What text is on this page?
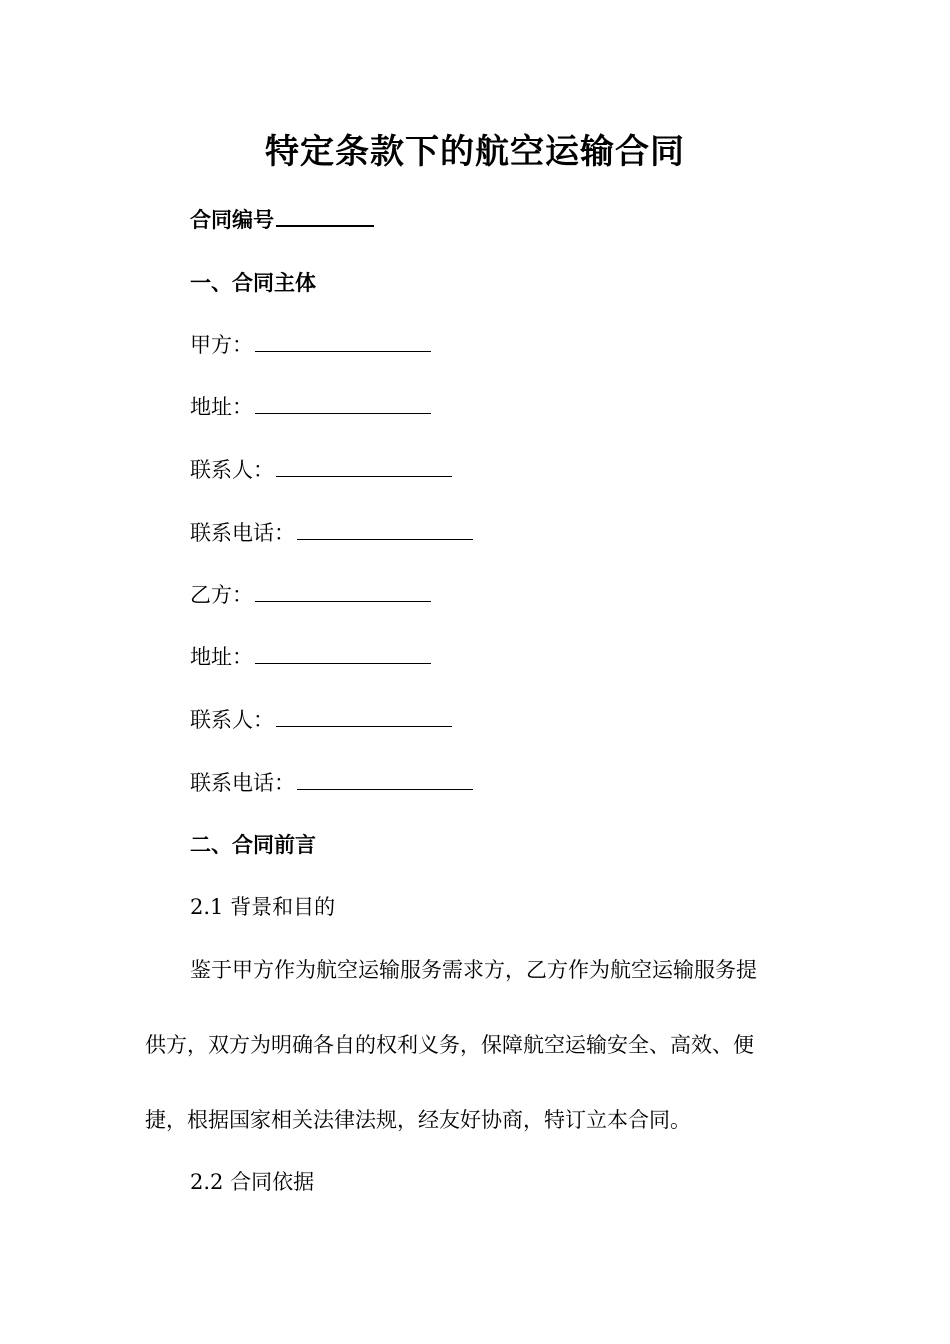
特定条款下的航空运输合同
合同编号
一、合同主体
甲方：
地址：
联系人：
联系电话：
乙方：
地址：
联系人：
联系电话：
二、合同前言
2.1 背景和目的
鉴于甲方作为航空运输服务需求方，乙方作为航空运输服务提
供方，双方为明确各自的权利义务，保障航空运输安全、高效、便
捷，根据国家相关法律法规，经友好协商，特订立本合同。
2.2 合同依据
